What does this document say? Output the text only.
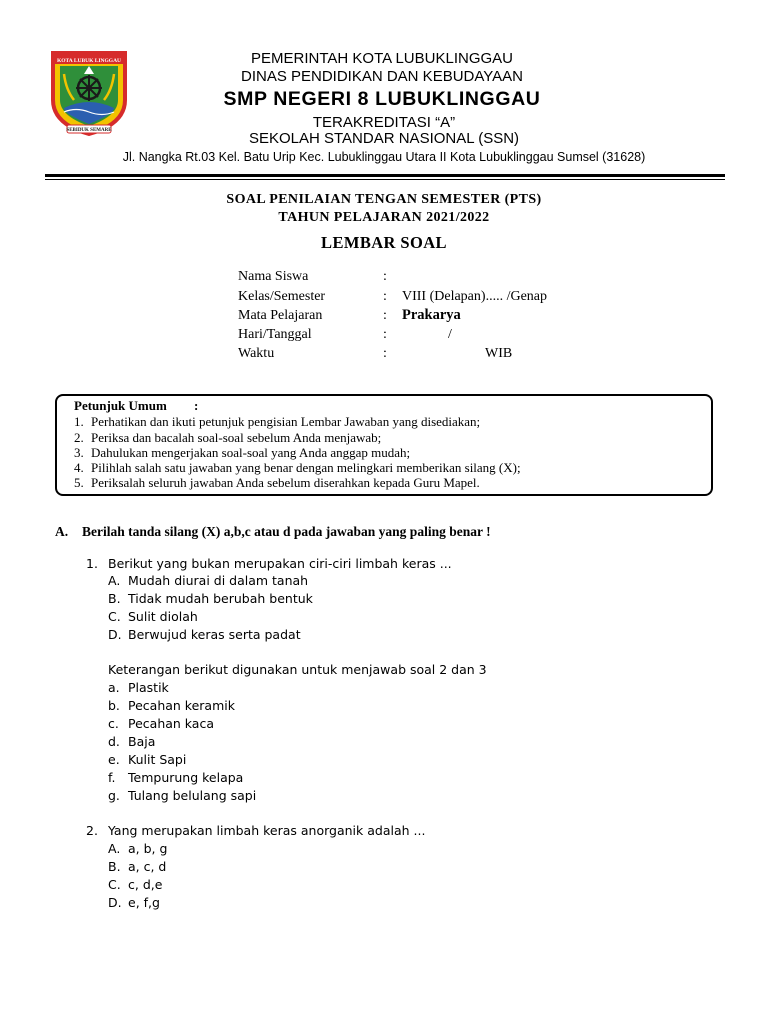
KOTA LUBUK LINGGAU
SEBIDUK SEMARE
PEMERINTAH KOTA LUBUKLINGGAU
DINAS PENDIDIKAN DAN KEBUDAYAAN
SMP NEGERI 8 LUBUKLINGGAU
TERAKREDITASI “A”
SEKOLAH STANDAR NASIONAL (SSN)
Jl. Nangka Rt.03 Kel. Batu Urip Kec. Lubuklinggau Utara II Kota Lubuklinggau Sumsel (31628)
SOAL PENILAIAN TENGAN SEMESTER (PTS)
TAHUN PELAJARAN 2021/2022
LEMBAR SOAL
Nama Siswa	:
Kelas/Semester	: VIII (Delapan)..... /Genap
Mata Pelajaran	: Prakarya
Hari/Tanggal	:	/
Waktu	:	WIB
Petunjuk Umum :
1. Perhatikan dan ikuti petunjuk pengisian Lembar Jawaban yang disediakan;
2. Periksa dan bacalah soal-soal sebelum Anda menjawab;
3. Dahulukan mengerjakan soal-soal yang Anda anggap mudah;
4. Pilihlah salah satu jawaban yang benar dengan melingkari memberikan silang (X);
5. Periksalah seluruh jawaban Anda sebelum diserahkan kepada Guru Mapel.
A. Berilah tanda silang (X) a,b,c atau d pada jawaban yang paling benar !
1. Berikut yang bukan merupakan ciri-ciri limbah keras ...
A. Mudah diurai di dalam tanah
B. Tidak mudah berubah bentuk
C. Sulit diolah
D. Berwujud keras serta padat
Keterangan berikut digunakan untuk menjawab soal 2 dan 3
a. Plastik
b. Pecahan keramik
c. Pecahan kaca
d. Baja
e. Kulit Sapi
f. Tempurung kelapa
g. Tulang belulang sapi
2. Yang merupakan limbah keras anorganik adalah ...
A. a, b, g
B. a, c, d
C. c, d,e
D. e, f,g
